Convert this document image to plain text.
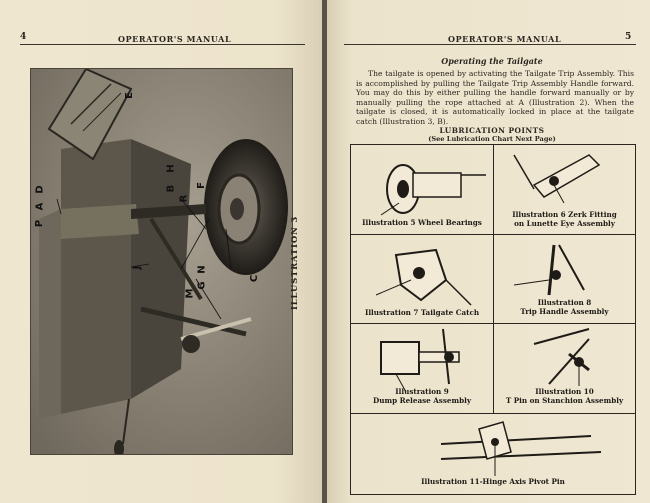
4	OPERATOR'S MANUAL
P
A
D
E
B
H
R
F
J
M
G
N
C	ILLUSTRATION 3
OPERATOR'S MANUAL	5
Operating the Tailgate
The tailgate is opened by activating the Tailgate Trip Assembly. This is accomplished by pulling the Tailgate Trip Assembly Handle forward. You may do this by either pulling the handle forward manually or by manually pulling the rope attached at A (Illustration 2). When the tailgate is closed, it is automatically locked in place at the tailgate catch (Illustration 3, B).
LUBRICATION POINTS
(See Lubrication Chart Next Page)
Illustration 5 Wheel Bearings
Illustration 6 Zerk Fitting
on Lunette Eye Assembly
Illustration 7 Tailgate Catch
Illustration 8
Trip Handle Assembly
Illustration 9
Dump Release Assembly
Illustration 10
T Pin on Stanchion Assembly
Illustration 11-Hinge Axis Pivot Pin
